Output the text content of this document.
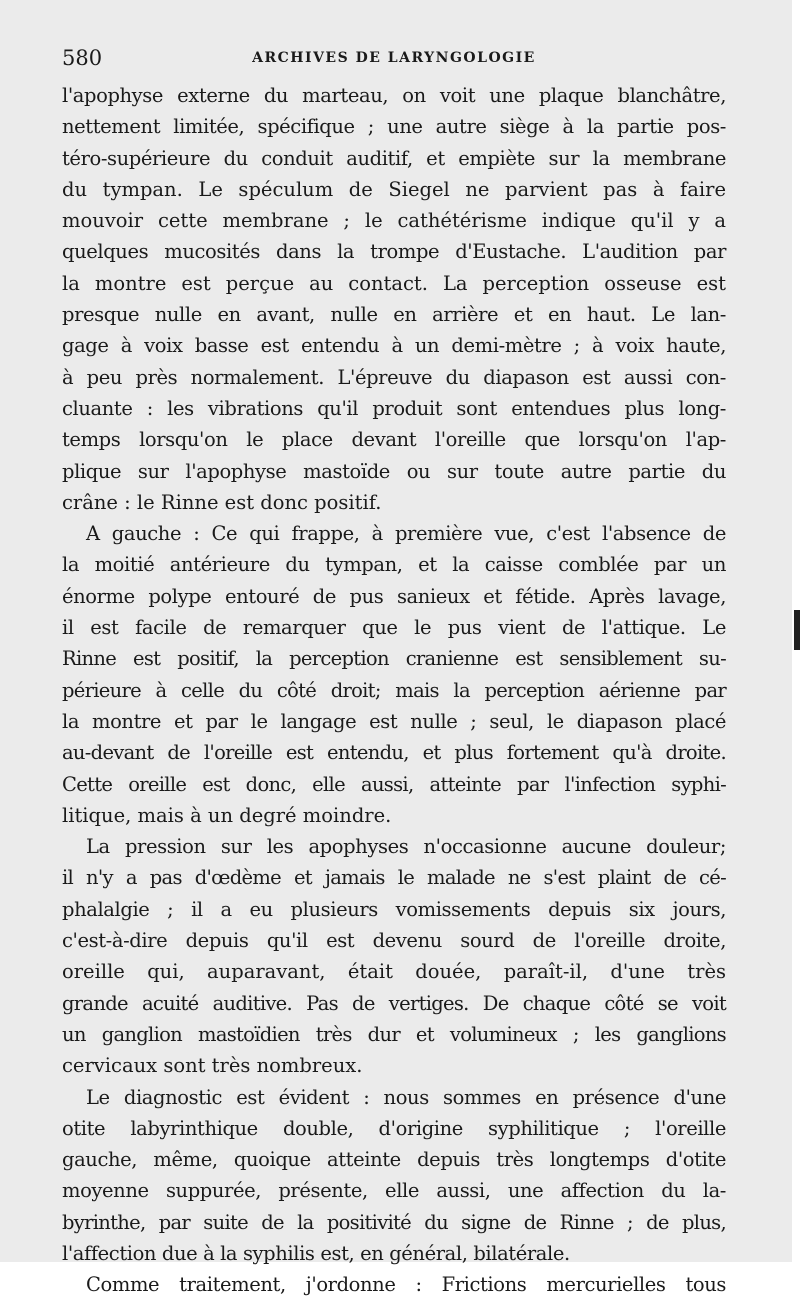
580	ARCHIVES DE LARYNGOLOGIE
l'apophyse externe du marteau, on voit une plaque blanchâtre,
nettement limitée, spécifique ; une autre siège à la partie pos-
téro-supérieure du conduit auditif, et empiète sur la membrane
du tympan. Le spéculum de Siegel ne parvient pas à faire
mouvoir cette membrane ; le cathétérisme indique qu'il y a
quelques mucosités dans la trompe d'Eustache. L'audition par
la montre est perçue au contact. La perception osseuse est
presque nulle en avant, nulle en arrière et en haut. Le lan-
gage à voix basse est entendu à un demi-mètre ; à voix haute,
à peu près normalement. L'épreuve du diapason est aussi con-
cluante : les vibrations qu'il produit sont entendues plus long-
temps lorsqu'on le place devant l'oreille que lorsqu'on l'ap-
plique sur l'apophyse mastoïde ou sur toute autre partie du
crâne : le Rinne est donc positif.
A gauche : Ce qui frappe, à première vue, c'est l'absence de
la moitié antérieure du tympan, et la caisse comblée par un
énorme polype entouré de pus sanieux et fétide. Après lavage,
il est facile de remarquer que le pus vient de l'attique. Le
Rinne est positif, la perception cranienne est sensiblement su-
périeure à celle du côté droit; mais la perception aérienne par
la montre et par le langage est nulle ; seul, le diapason placé
au-devant de l'oreille est entendu, et plus fortement qu'à droite.
Cette oreille est donc, elle aussi, atteinte par l'infection syphi-
litique, mais à un degré moindre.
La pression sur les apophyses n'occasionne aucune douleur;
il n'y a pas d'œdème et jamais le malade ne s'est plaint de cé-
phalalgie ; il a eu plusieurs vomissements depuis six jours,
c'est-à-dire depuis qu'il est devenu sourd de l'oreille droite,
oreille qui, auparavant, était douée, paraît-il, d'une très
grande acuité auditive. Pas de vertiges. De chaque côté se voit
un ganglion mastoïdien très dur et volumineux ; les ganglions
cervicaux sont très nombreux.
Le diagnostic est évident : nous sommes en présence d'une
otite labyrinthique double, d'origine syphilitique ; l'oreille
gauche, même, quoique atteinte depuis très longtemps d'otite
moyenne suppurée, présente, elle aussi, une affection du la-
byrinthe, par suite de la positivité du signe de Rinne ; de plus,
l'affection due à la syphilis est, en général, bilatérale.
Comme traitement, j'ordonne : Frictions mercurielles tous
